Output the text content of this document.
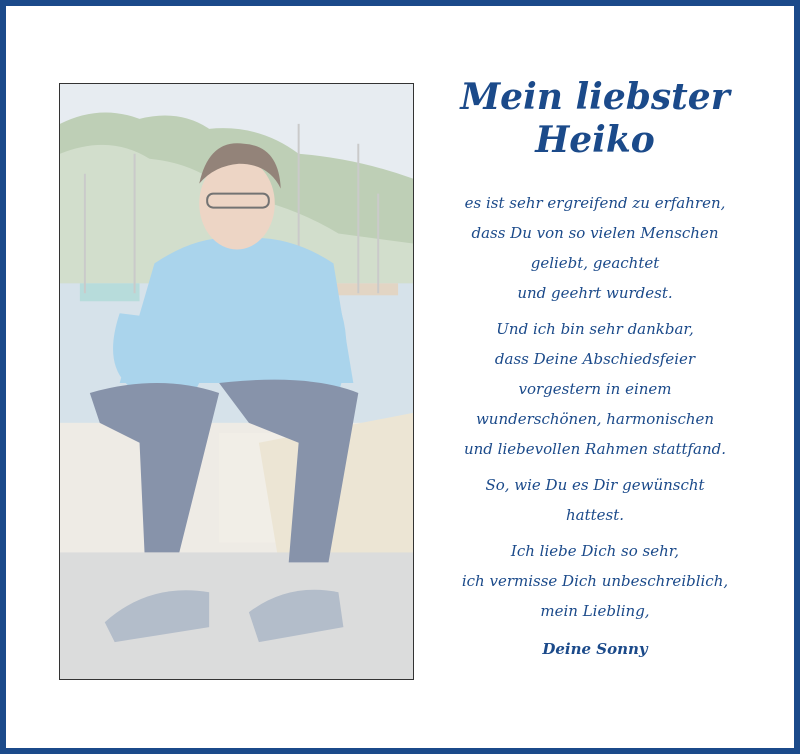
Mein liebster
Heiko

es ist sehr ergreifend zu erfahren,
dass Du von so vielen Menschen
geliebt, geachtet
und geehrt wurdest.

Und ich bin sehr dankbar,
dass Deine Abschiedsfeier
vorgestern in einem
wunderschönen, harmonischen
und liebevollen Rahmen stattfand.

So, wie Du es Dir gewünscht
hattest.

Ich liebe Dich so sehr,
ich vermisse Dich unbeschreiblich,
mein Liebling,

Deine Sonny
